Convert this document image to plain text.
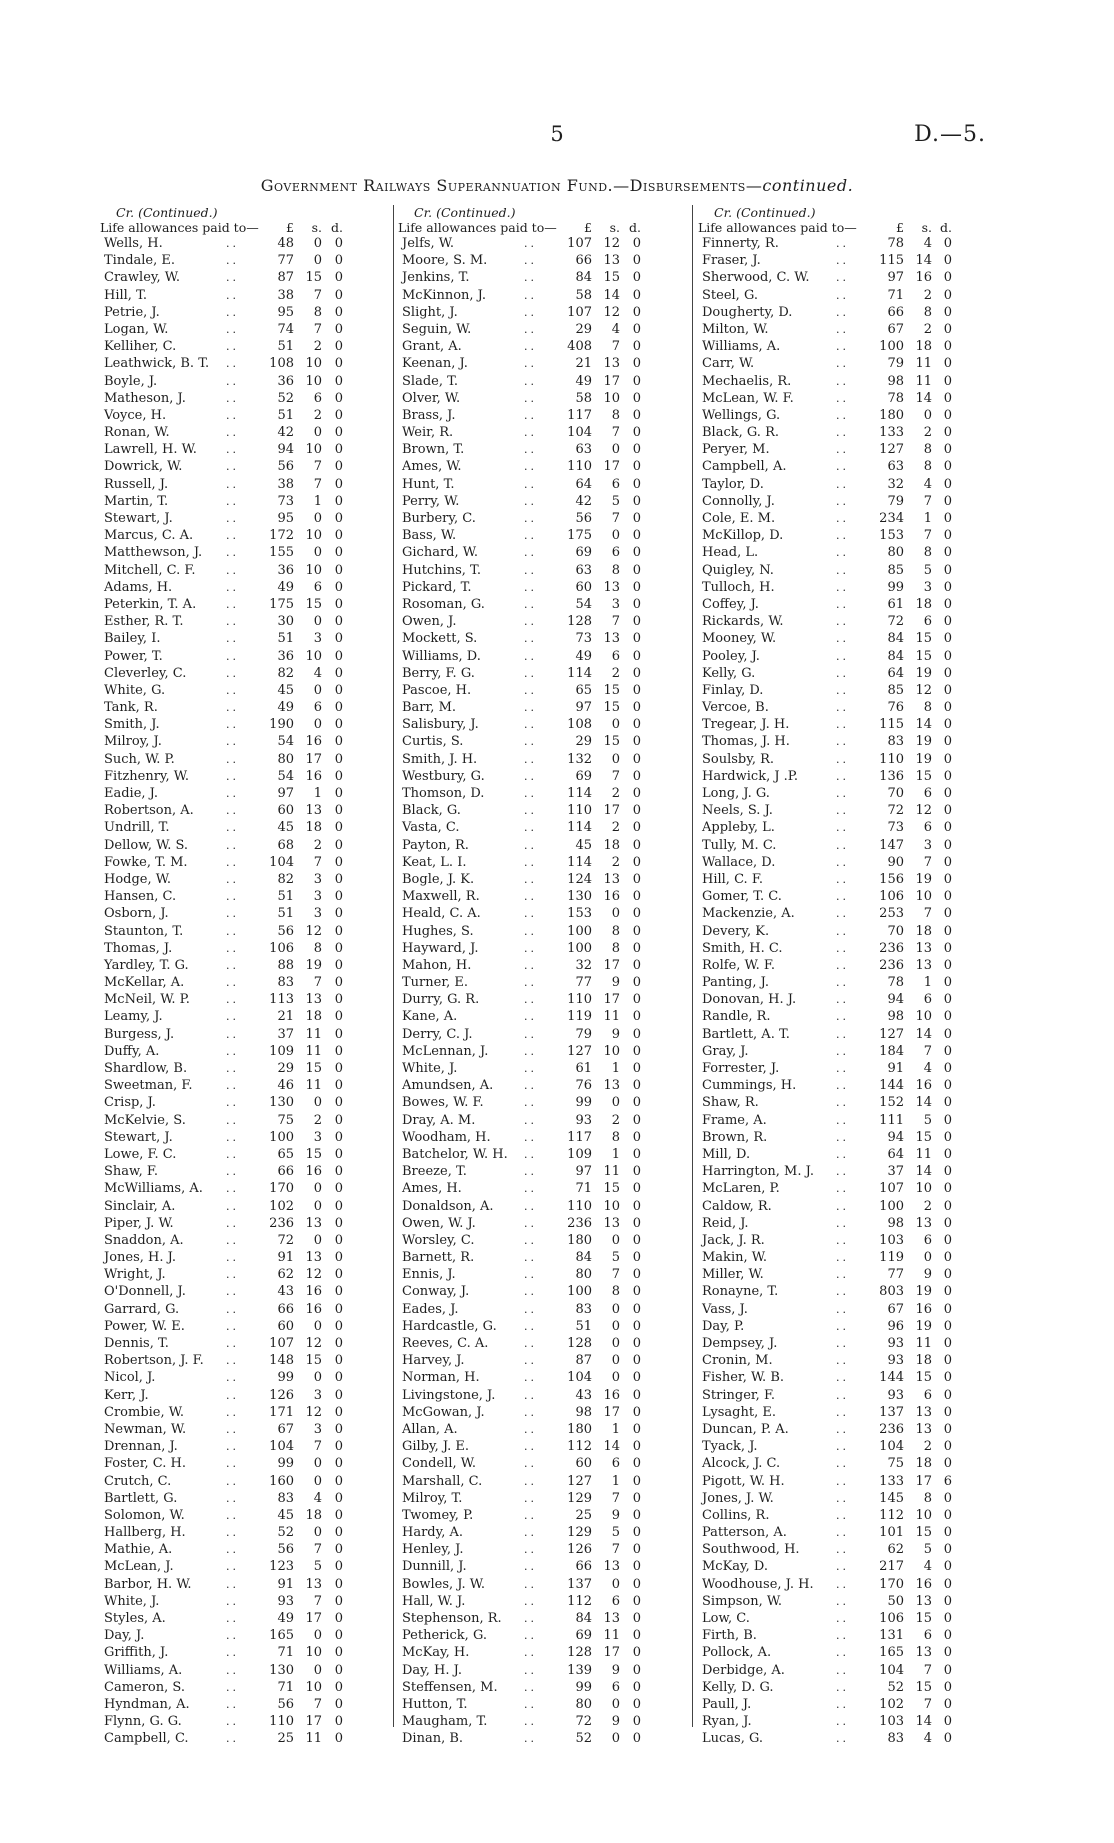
5	D.—5.
Government Railways Superannuation Fund.—Disbursements—continued.
Cr. (Continued.)
Life allowances paid to—	£	s. d.
Wells, H.	..	48	0 0
Tindale, E.	..	77	0 0
Crawley, W.	..	87 15 0
Hill, T.	..	38	7 0
Petrie, J.	..	95	8 0
Logan, W.	..	74	7 0
Kelliher, C.	..	51	2 0
Leathwick, B. T. ..	108 10 0
Boyle, J.	..	36 10 0
Matheson, J.	..	52	6 0
Voyce, H.	..	51	2 0
Ronan, W.	..	42	0 0
Lawrell, H. W.	..	94 10 0
Dowrick, W.	..	56	7 0
Russell, J.	..	38	7 0
Martin, T.	..	73	1 0
Stewart, J.	..	95	0 0
Marcus, C. A.	..	172 10 0
Matthewson, J. ..	155	0 0
Mitchell, C. F.	..	36 10 0
Adams, H.	..	49	6 0
Peterkin, T. A.	..	175 15 0
Esther, R. T.	..	30	0 0
Bailey, I.	..	51	3 0
Power, T.	..	36 10 0
Cleverley, C.	..	82	4 0
White, G.	..	45	0 0
Tank, R.	..	49	6 0
Smith, J.	..	190	0 0
Milroy, J.	..	54 16 0
Such, W. P.	..	80 17 0
Fitzhenry, W.	..	54 16 0
Eadie, J.	..	97	1 0
Robertson, A.	..	60 13 0
Undrill, T.	..	45 18 0
Dellow, W. S.	..	68	2 0
Fowke, T. M.	..	104	7 0
Hodge, W.	..	82	3 0
Hansen, C.	..	51	3 0
Osborn, J.	..	51	3 0
Staunton, T.	..	56 12 0
Thomas, J.	..	106	8 0
Yardley, T. G.	..	88 19 0
McKellar, A.	..	83	7 0
McNeil, W. P.	..	113 13 0
Leamy, J.	..	21 18 0
Burgess, J.	..	37 11 0
Duffy, A.	..	109 11 0
Shardlow, B.	..	29 15 0
Sweetman, F.	..	46 11 0
Crisp, J.	..	130	0 0
McKelvie, S.	..	75	2 0
Stewart, J.	..	100	3 0
Lowe, F. C.	..	65 15 0
Shaw, F.	..	66 16 0
McWilliams, A. ..	170	0 0
Sinclair, A.	..	102	0 0
Piper, J. W.	..	236 13 0
Snaddon, A.	..	72	0 0
Jones, H. J.	..	91 13 0
Wright, J.	..	62 12 0
O'Donnell, J.	..	43 16 0
Garrard, G.	..	66 16 0
Power, W. E.	..	60	0 0
Dennis, T.	..	107 12 0
Robertson, J. F. ..	148 15 0
Nicol, J.	..	99	0 0
Kerr, J.	..	126	3 0
Crombie, W.	..	171 12 0
Newman, W.	..	67	3 0
Drennan, J.	..	104	7 0
Foster, C. H.	..	99	0 0
Crutch, C.	..	160	0 0
Bartlett, G.	..	83	4 0
Solomon, W.	..	45 18 0
Hallberg, H.	..	52	0 0
Mathie, A.	..	56	7 0
McLean, J.	..	123	5 0
Barbor, H. W.	..	91 13 0
White, J.	..	93	7 0
Styles, A.	..	49 17 0
Day, J.	..	165	0 0
Griffith, J.	..	71 10 0
Williams, A.	..	130	0 0
Cameron, S.	..	71 10 0
Hyndman, A.	..	56	7 0
Flynn, G. G.	..	110 17 0
Campbell, C.	..	25 11 0
Cr. (Continued.)
Life allowances paid to—	£	s. d.
Jelfs, W.	..	107 12 0
Moore, S. M.	..	66 13 0
Jenkins, T.	..	84 15 0
McKinnon, J.	..	58 14 0
Slight, J.	..	107 12 0
Seguin, W.	..	29	4 0
Grant, A.	..	408	7 0
Keenan, J.	..	21 13 0
Slade, T.	..	49 17 0
Olver, W.	..	58 10 0
Brass, J.	..	117	8 0
Weir, R.	..	104	7 0
Brown, T.	..	63	0 0
Ames, W.	..	110 17 0
Hunt, T.	..	64	6 0
Perry, W.	..	42	5 0
Burbery, C.	..	56	7 0
Bass, W.	..	175	0 0
Gichard, W.	..	69	6 0
Hutchins, T.	..	63	8 0
Pickard, T.	..	60 13 0
Rosoman, G.	..	54	3 0
Owen, J.	..	128	7 0
Mockett, S.	..	73 13 0
Williams, D.	..	49	6 0
Berry, F. G.	..	114	2 0
Pascoe, H.	..	65 15 0
Barr, M.	..	97 15 0
Salisbury, J.	..	108	0 0
Curtis, S.	..	29 15 0
Smith, J. H.	..	132	0 0
Westbury, G.	..	69	7 0
Thomson, D.	..	114	2 0
Black, G.	..	110 17 0
Vasta, C.	..	114	2 0
Payton, R.	..	45 18 0
Keat, L. I.	..	114	2 0
Bogle, J. K.	..	124 13 0
Maxwell, R.	..	130 16 0
Heald, C. A.	..	153	0 0
Hughes, S.	..	100	8 0
Hayward, J.	..	100	8 0
Mahon, H.	..	32 17 0
Turner, E.	..	77	9 0
Durry, G. R.	..	110 17 0
Kane, A.	..	119 11 0
Derry, C. J.	..	79	9 0
McLennan, J.	..	127 10 0
White, J.	..	61	1 0
Amundsen, A.	..	76 13 0
Bowes, W. F.	..	99	0 0
Dray, A. M.	..	93	2 0
Woodham, H.	..	117	8 0
Batchelor, W. H. ..	109	1 0
Breeze, T.	..	97 11 0
Ames, H.	..	71 15 0
Donaldson, A.	..	110 10 0
Owen, W. J.	..	236 13 0
Worsley, C.	..	180	0 0
Barnett, R.	..	84	5 0
Ennis, J.	..	80	7 0
Conway, J.	..	100	8 0
Eades, J.	..	83	0 0
Hardcastle, G. ..	51	0 0
Reeves, C. A.	..	128	0 0
Harvey, J.	..	87	0 0
Norman, H.	..	104	0 0
Livingstone, J.	..	43 16 0
McGowan, J.	..	98 17 0
Allan, A.	..	180	1 0
Gilby, J. E.	..	112 14 0
Condell, W.	..	60	6 0
Marshall, C.	..	127	1 0
Milroy, T.	..	129	7 0
Twomey, P.	..	25	9 0
Hardy, A.	..	129	5 0
Henley, J.	..	126	7 0
Dunnill, J.	..	66 13 0
Bowles, J. W.	..	137	0 0
Hall, W. J.	..	112	6 0
Stephenson, R. ..	84 13 0
Petherick, G.	..	69 11 0
McKay, H.	..	128 17 0
Day, H. J.	..	139	9 0
Steffensen, M. ..	99	6 0
Hutton, T.	..	80	0 0
Maugham, T.	..	72	9 0
Dinan, B.	..	52	0 0
Cr. (Continued.)
Life allowances paid to—	£	s. d.
Finnerty, R.	..	78	4 0
Fraser, J.	..	115 14 0
Sherwood, C. W. ..	97 16 0
Steel, G.	..	71	2 0
Dougherty, D.	..	66	8 0
Milton, W.	..	67	2 0
Williams, A.	..	100 18 0
Carr, W.	..	79 11 0
Mechaelis, R.	..	98 11 0
McLean, W. F.	..	78 14 0
Wellings, G.	..	180	0 0
Black, G. R.	..	133	2 0
Peryer, M.	..	127	8 0
Campbell, A.	..	63	8 0
Taylor, D.	..	32	4 0
Connolly, J.	..	79	7 0
Cole, E. M.	..	234	1 0
McKillop, D.	..	153	7 0
Head, L.	..	80	8 0
Quigley, N.	..	85	5 0
Tulloch, H.	..	99	3 0
Coffey, J.	..	61 18 0
Rickards, W.	..	72	6 0
Mooney, W.	..	84 15 0
Pooley, J.	..	84 15 0
Kelly, G.	..	64 19 0
Finlay, D.	..	85 12 0
Vercoe, B.	..	76	8 0
Tregear, J. H.	..	115 14 0
Thomas, J. H.	..	83 19 0
Soulsby, R.	..	110 19 0
Hardwick, J .P.	..	136 15 0
Long, J. G.	..	70	6 0
Neels, S. J.	..	72 12 0
Appleby, L.	..	73	6 0
Tully, M. C.	..	147	3 0
Wallace, D.	..	90	7 0
Hill, C. F.	..	156 19 0
Gomer, T. C.	..	106 10 0
Mackenzie, A.	..	253	7 0
Devery, K.	..	70 18 0
Smith, H. C.	..	236 13 0
Rolfe, W. F.	..	236 13 0
Panting, J.	..	78	1 0
Donovan, H. J.	..	94	6 0
Randle, R.	..	98 10 0
Bartlett, A. T.	..	127 14 0
Gray, J.	..	184	7 0
Forrester, J.	..	91	4 0
Cummings, H.	..	144 16 0
Shaw, R.	..	152 14 0
Frame, A.	..	111	5 0
Brown, R.	..	94 15 0
Mill, D.	..	64 11 0
Harrington, M. J. ..	37 14 0
McLaren, P.	..	107 10 0
Caldow, R.	..	100	2 0
Reid, J.	..	98 13 0
Jack, J. R.	..	103	6 0
Makin, W.	..	119	0 0
Miller, W.	..	77	9 0
Ronayne, T.	..	803 19 0
Vass, J.	..	67 16 0
Day, P.	..	96 19 0
Dempsey, J.	..	93 11 0
Cronin, M.	..	93 18 0
Fisher, W. B.	..	144 15 0
Stringer, F.	..	93	6 0
Lysaght, E.	..	137 13 0
Duncan, P. A.	..	236 13 0
Tyack, J.	..	104	2 0
Alcock, J. C.	..	75 18 0
Pigott, W. H.	..	133 17 6
Jones, J. W.	..	145	8 0
Collins, R.	..	112 10 0
Patterson, A.	..	101 15 0
Southwood, H.	..	62	5 0
McKay, D.	..	217	4 0
Woodhouse, J. H. ..	170 16 0
Simpson, W.	..	50 13 0
Low, C.	..	106 15 0
Firth, B.	..	131	6 0
Pollock, A.	..	165 13 0
Derbidge, A.	..	104	7 0
Kelly, D. G.	..	52 15 0
Paull, J.	..	102	7 0
Ryan, J.	..	103 14 0
Lucas, G.	..	83	4 0
